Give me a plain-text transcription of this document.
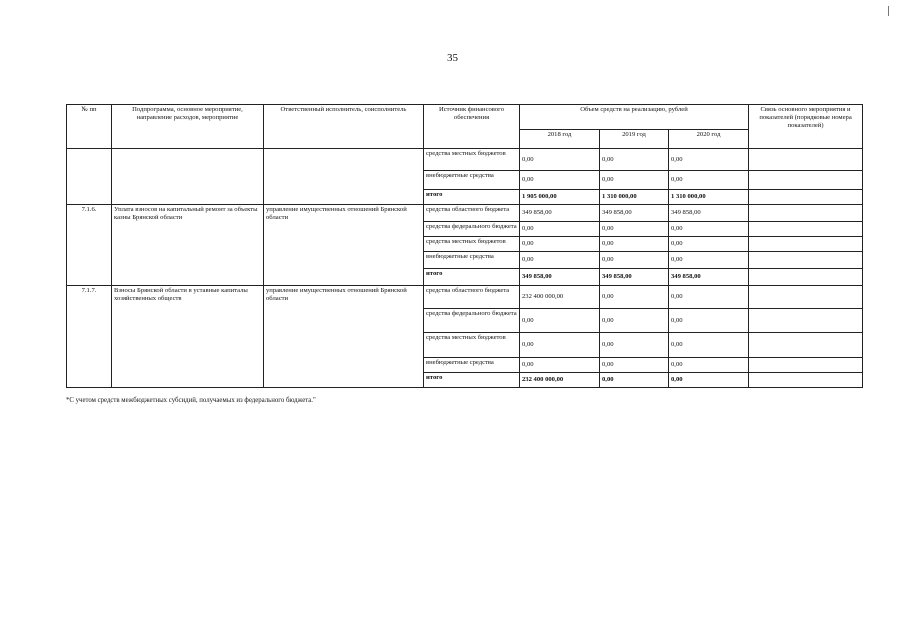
35
№ пп	Подпрограмма, основное мероприятие, направление расходов, мероприятие	Ответственный исполнитель, соисполнитель	Источник финансового обеспечения	Объем средств на реализацию, рублей			Связь основного мероприятия и показателей (порядковые номера показателей)
				2018 год	2019 год	2020 год	
			средства местных бюджетов	0,00	0,00	0,00	
			внебюджетные средства	0,00	0,00	0,00	
			итого	1 905 000,00	1 310 000,00	1 310 000,00	
7.1.6.	Уплата взносов на капитальный ремонт за объекты казны Брянской области	управление имущественных отношений Брянской области	средства областного бюджета	349 858,00	349 858,00	349 858,00	
			средства федерального бюджета	0,00	0,00	0,00	
			средства местных бюджетов	0,00	0,00	0,00	
			внебюджетные средства	0,00	0,00	0,00	
			итого	349 858,00	349 858,00	349 858,00	
7.1.7.	Взносы Брянской области в уставные капиталы хозяйственных обществ	управление имущественных отношений Брянской области	средства областного бюджета	232 400 000,00	0,00	0,00	
			средства федерального бюджета	0,00	0,00	0,00	
			средства местных бюджетов	0,00	0,00	0,00	
			внебюджетные средства	0,00	0,00	0,00	
			итого	232 400 000,00	0,00	0,00	
*С учетом средств межбюджетных субсидий, получаемых из федерального бюджета."
